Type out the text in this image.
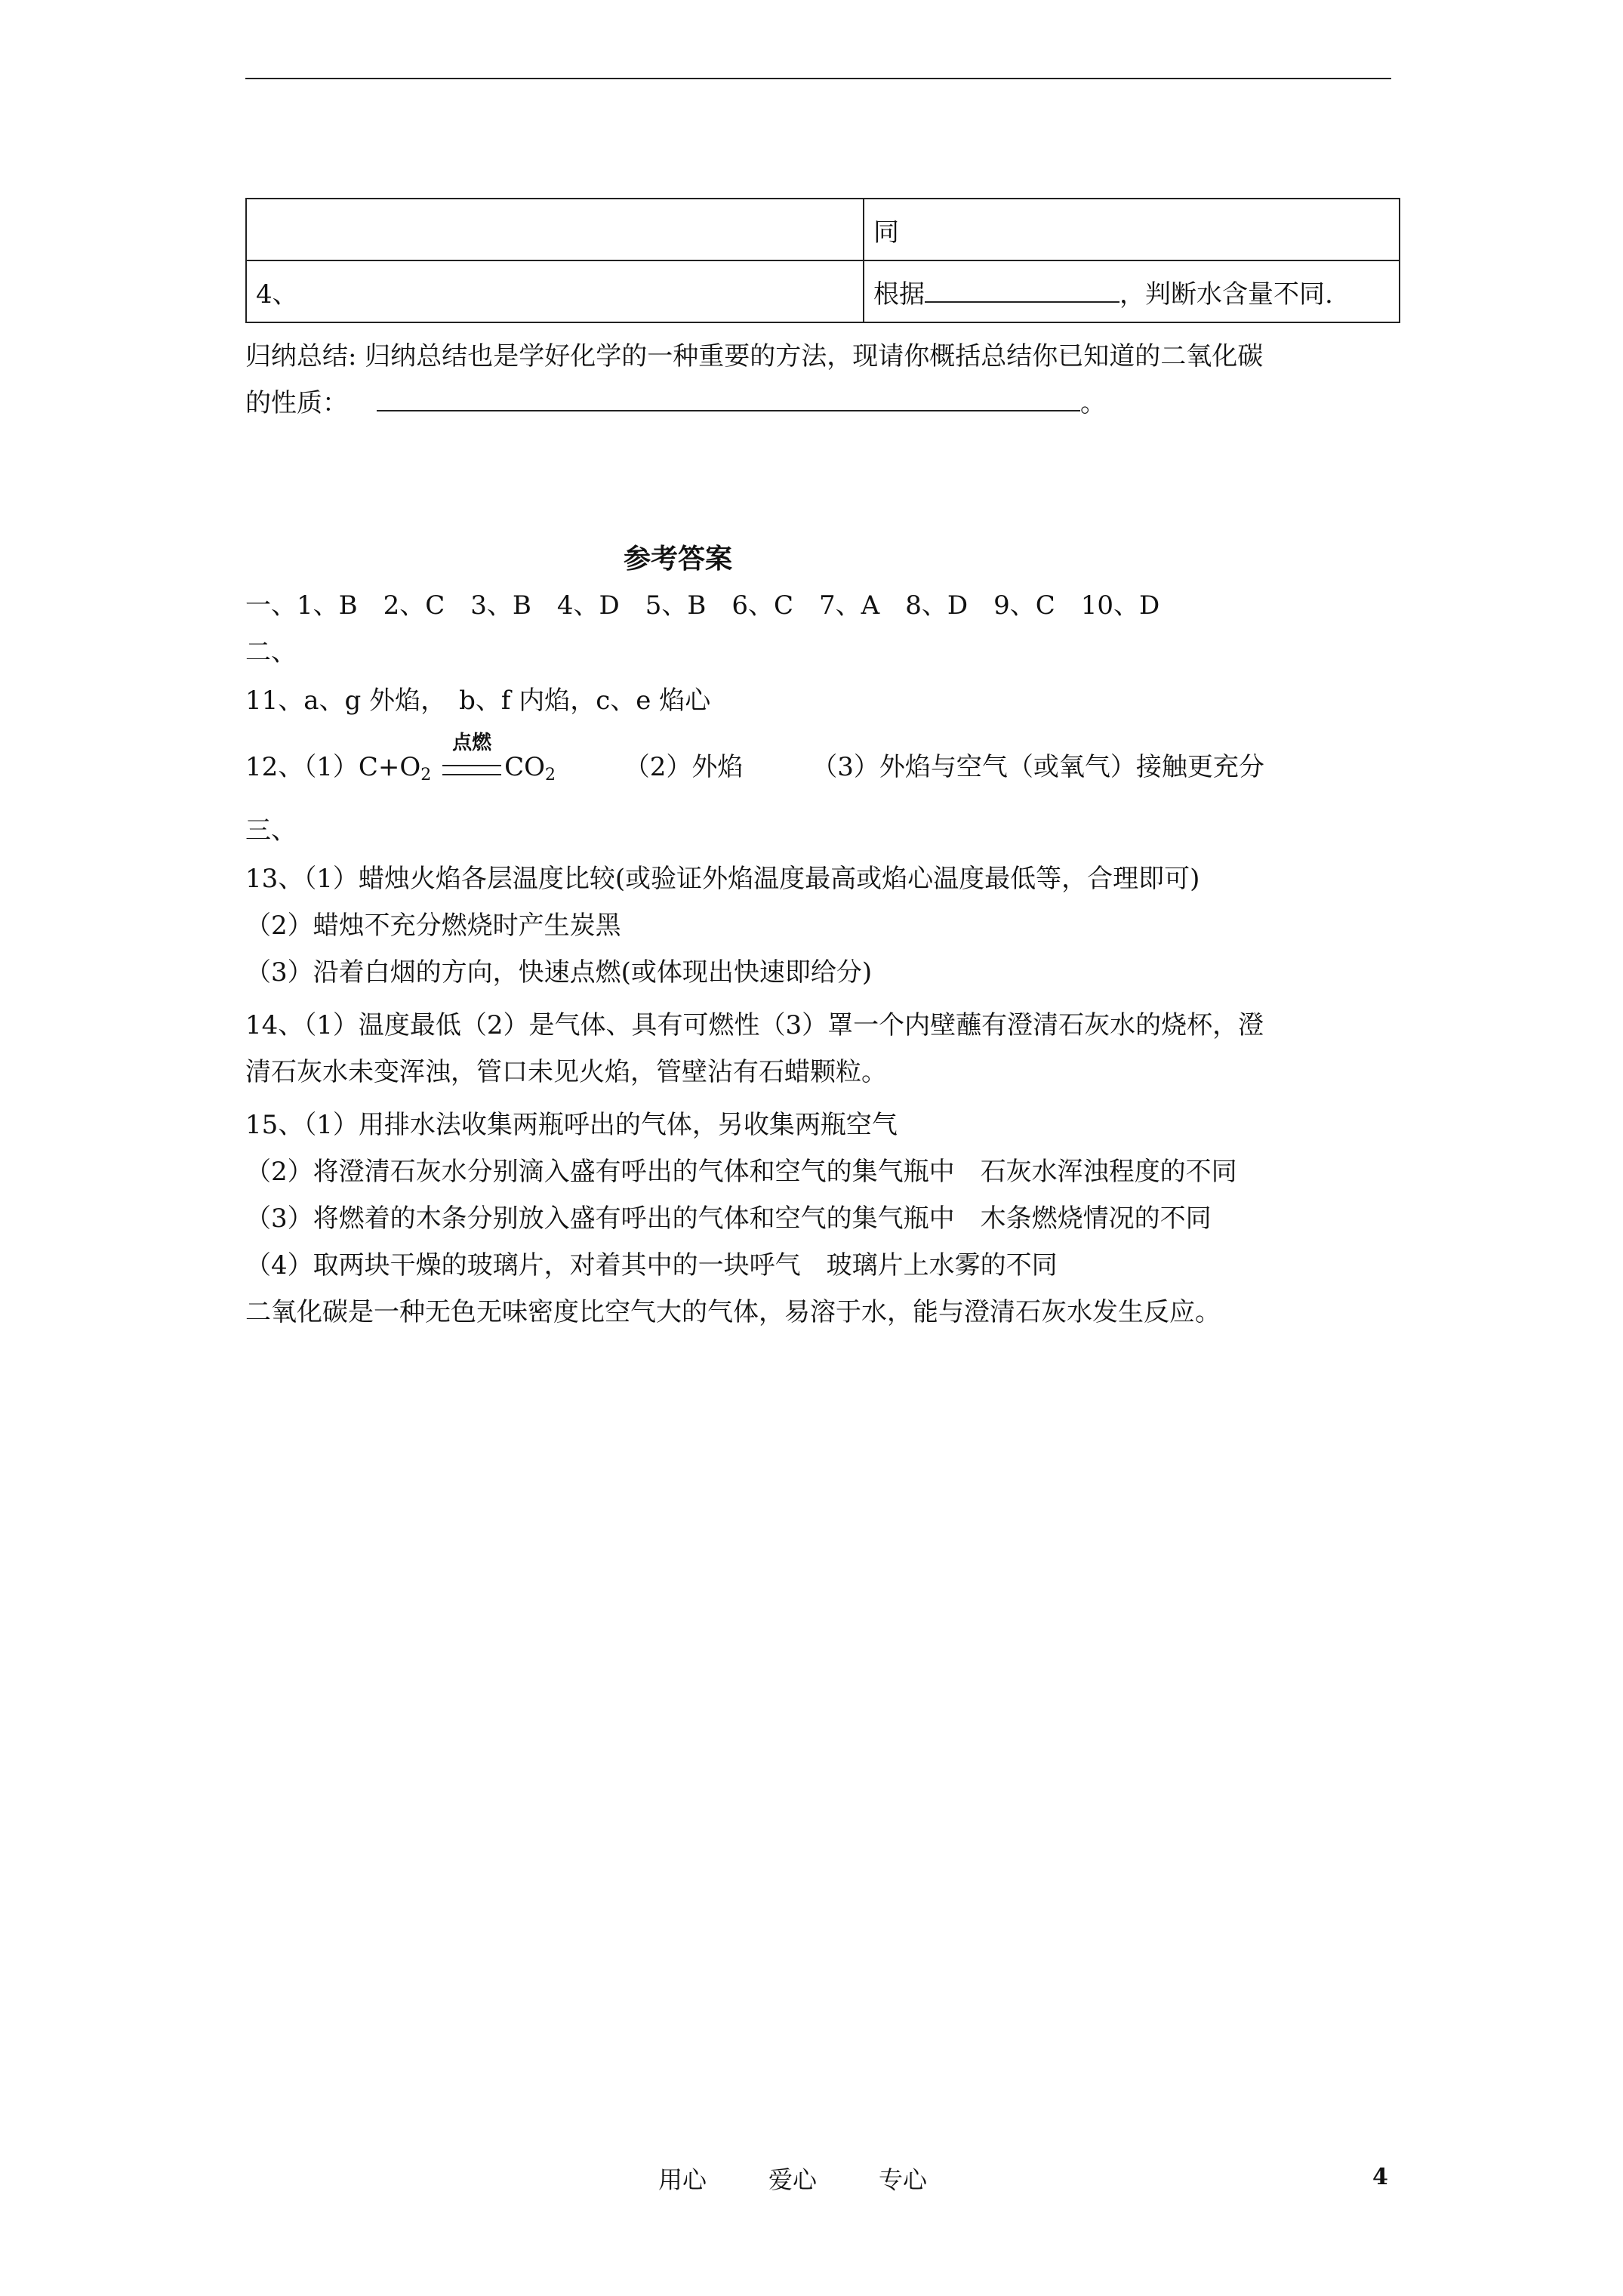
	同
4、	根据 ，判断水含量不同.
归纳总结: 归纳总结也是学好化学的一种重要的方法，现请你概括总结你已知道的二氧化碳
的性质：	。
参考答案
一、1、B　2、C　3、B　4、D　5、B　6、C　7、A　8、D　9、C　10、D
二、
11、a、g 外焰，　b、f 内焰，c、e 焰心
12、$(1)C+O_2$
点燃
$CO_2$	（2）外焰	（3）外焰与空气（或氧气）接触更充分
三、
13、（1）蜡烛火焰各层温度比较(或验证外焰温度最高或焰心温度最低等，合理即可)
（2）蜡烛不充分燃烧时产生炭黑
（3）沿着白烟的方向，快速点燃(或体现出快速即给分)
14、（1）温度最低（2）是气体、具有可燃性（3）罩一个内壁蘸有澄清石灰水的烧杯，澄
清石灰水未变浑浊，管口未见火焰，管壁沾有石蜡颗粒。
15、（1）用排水法收集两瓶呼出的气体，另收集两瓶空气
（2）将澄清石灰水分别滴入盛有呼出的气体和空气的集气瓶中　石灰水浑浊程度的不同
（3）将燃着的木条分别放入盛有呼出的气体和空气的集气瓶中　木条燃烧情况的不同
（4）取两块干燥的玻璃片，对着其中的一块呼气　玻璃片上水雾的不同
二氧化碳是一种无色无味密度比空气大的气体，易溶于水，能与澄清石灰水发生反应。
用心	爱心	专心	4
